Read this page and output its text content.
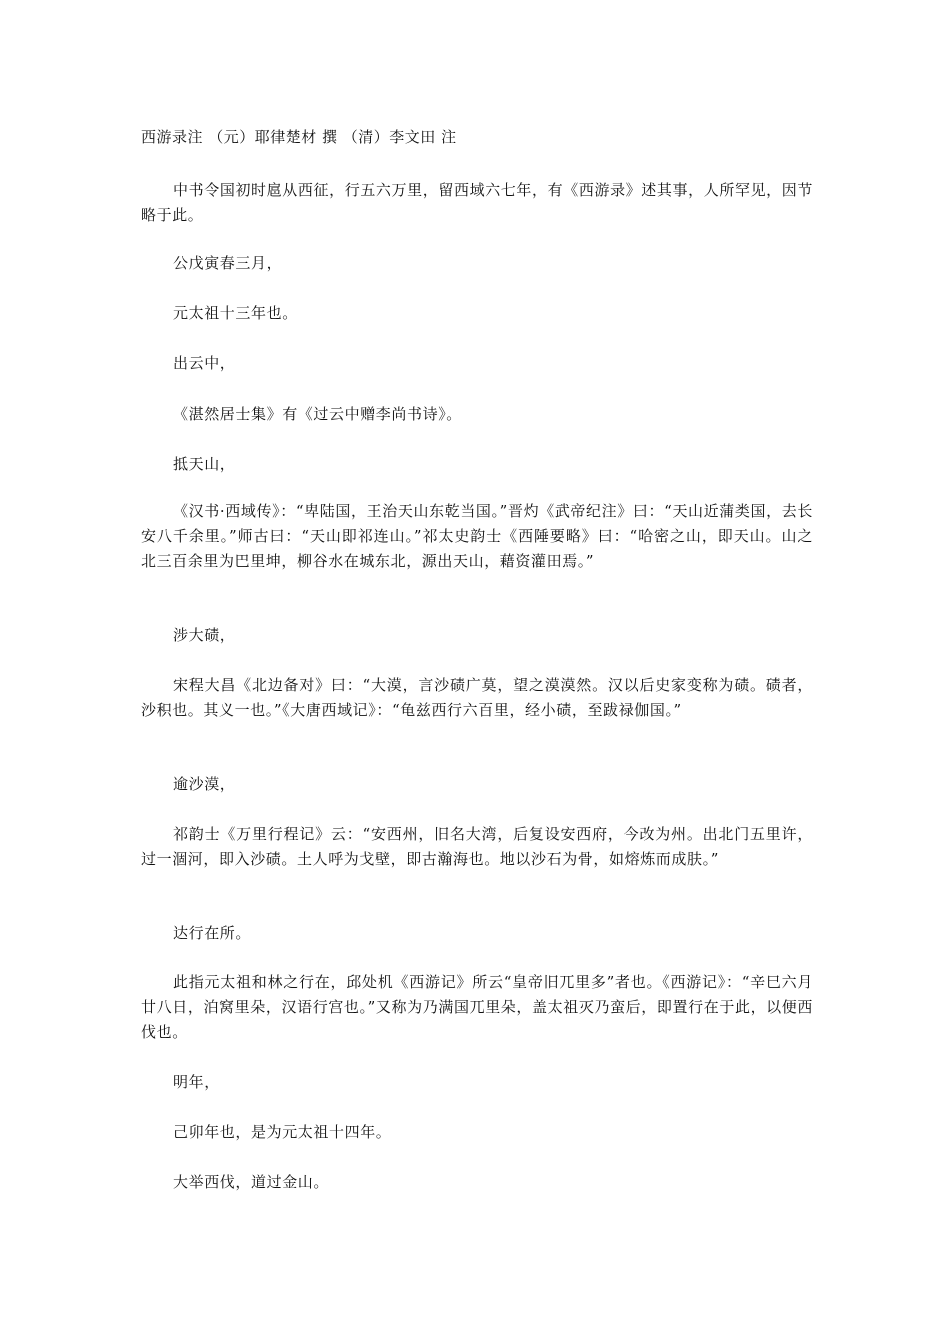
西游录注 （元）耶律楚材 撰 （清）李文田 注
中书令国初时扈从西征，行五六万里，留西域六七年，有《西游录》述其事，人所罕见，因节略于此。
公戊寅春三月，
元太祖十三年也。
出云中，
《湛然居士集》有《过云中赠李尚书诗》。
抵天山，
《汉书·西域传》：“卑陆国，王治天山东乾当国。”晋灼《武帝纪注》曰：“天山近蒲类国，去长安八千余里。”师古曰：“天山即祁连山。”祁太史韵士《西陲要略》曰：“哈密之山，即天山。山之北三百余里为巴里坤，柳谷水在城东北，源出天山，藉资灌田焉。”
涉大碛，
宋程大昌《北边备对》曰：“大漠，言沙碛广莫，望之漠漠然。汉以后史家变称为碛。碛者，沙积也。其义一也。”《大唐西域记》：“龟兹西行六百里，经小碛，至跋禄伽国。”
逾沙漠，
祁韵士《万里行程记》云：“安西州，旧名大湾，后复设安西府，今改为州。出北门五里许，过一涸河，即入沙碛。土人呼为戈壁，即古瀚海也。地以沙石为骨，如熔炼而成肤。”
达行在所。
此指元太祖和林之行在，邱处机《西游记》所云“皇帝旧兀里多”者也。《西游记》：“辛巳六月廿八日，泊窝里朵，汉语行宫也。”又称为乃满国兀里朵，盖太祖灭乃蛮后，即置行在于此，以便西伐也。
明年，
己卯年也，是为元太祖十四年。
大举西伐，道过金山。
